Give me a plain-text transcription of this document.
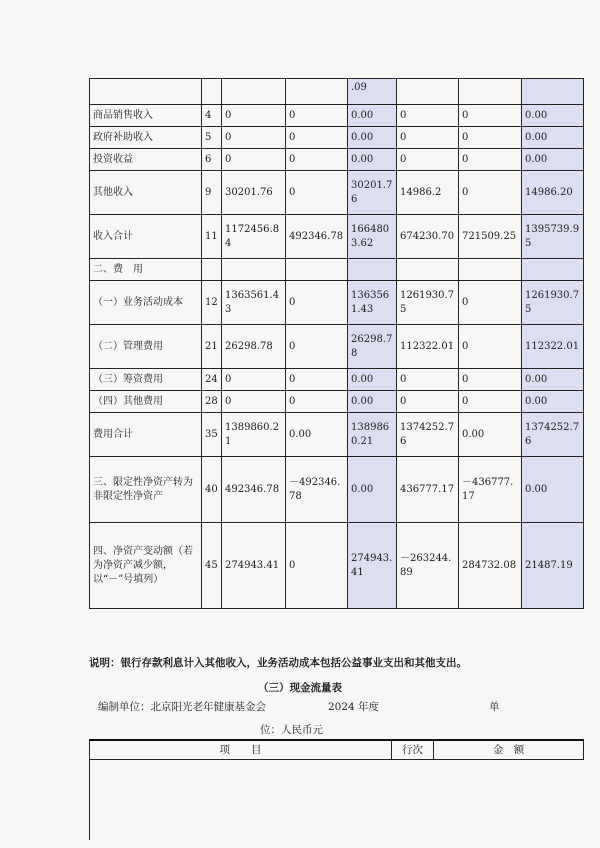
				.09			
商品销售收入	4	0	0	0.00	0	0	0.00
政府补助收入	5	0	0	0.00	0	0	0.00
投资收益	6	0	0	0.00	0	0	0.00
其他收入	9	30201.76	0	30201.76	14986.2	0	14986.20
收入合计	11	1172456.84	492346.78	1664803.62	674230.70	721509.25	1395739.95
二、费　用							
（一）业务活动成本	12	1363561.43	0	1363561.43	1261930.75	0	1261930.75
（二）管理费用	21	26298.78	0	26298.78	112322.01	0	112322.01
（三）筹资费用	24	0	0	0.00	0	0	0.00
（四）其他费用	28	0	0	0.00	0	0	0.00
费用合计	35	1389860.21	0.00	1389860.21	1374252.76	0.00	1374252.76
三、限定性净资产转为非限定性净资产	40	492346.78	－492346.78	0.00	436777.17	－436777.17	0.00
四、净资产变动额（若为净资产减少额，以“－”号填列）	45	274943.41	0	274943.41	－263244.89	284732.08	21487.19
说明：银行存款利息计入其他收入，业务活动成本包括公益事业支出和其他支出。
（三）现金流量表
编制单位：北京阳光老年健康基金会	2024 年度	单
位：人民币元
项　　目	行次	金　额
